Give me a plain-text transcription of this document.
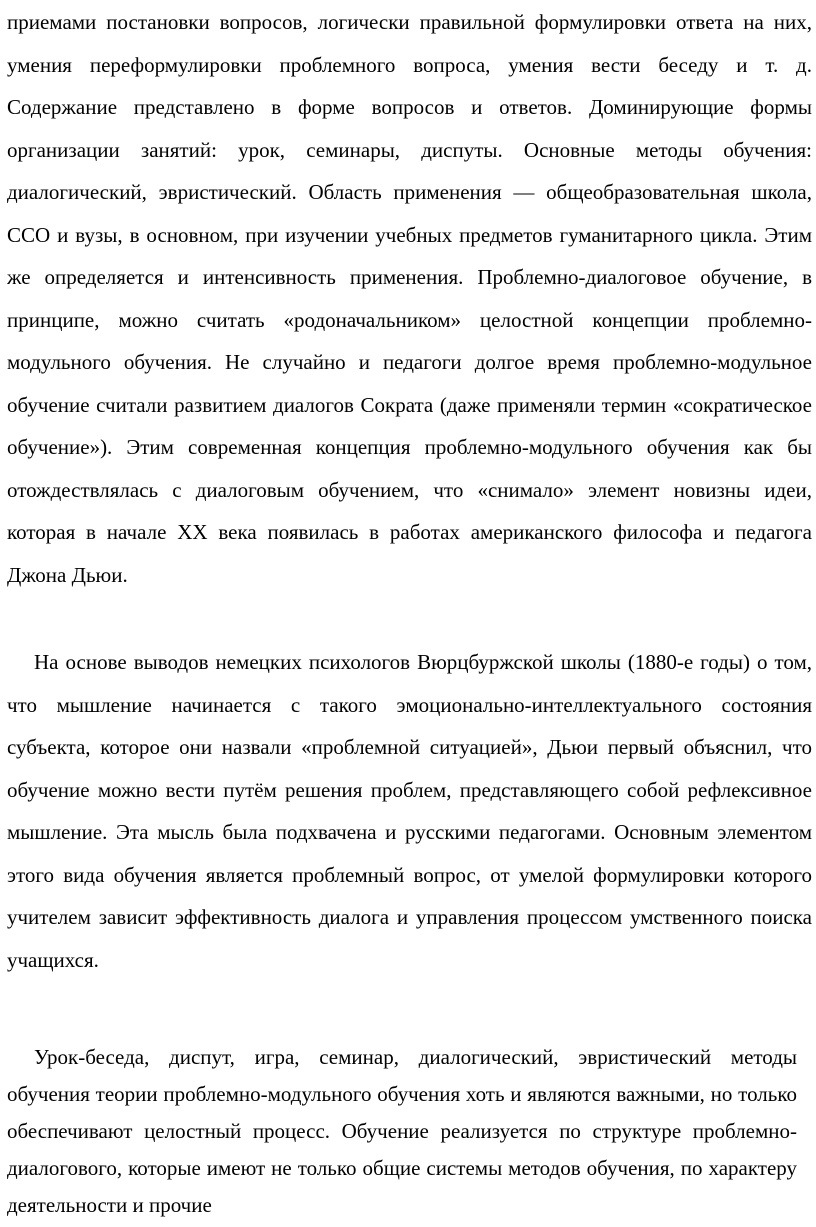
приемами постановки вопросов, логически правильной формулировки ответа на них, умения переформулировки проблемного вопроса, умения вести беседу и т. д. Содержание представлено в форме вопросов и ответов. Доминирующие формы организации занятий: урок, семинары, диспуты. Основные методы обучения: диалогический, эвристический. Область применения — общеобразовательная школа, ССО и вузы, в основном, при изучении учебных предметов гуманитарного цикла. Этим же определяется и интенсивность применения. Проблемно-диалоговое обучение, в принципе, можно считать «родоначальником» целостной концепции проблемно-модульного обучения. Не случайно и педагоги долгое время проблемно-модульное обучение считали развитием диалогов Сократа (даже применяли термин «сократическое обучение»). Этим современная концепция проблемно-модульного обучения как бы отождествлялась с диалоговым обучением, что «снимало» элемент новизны идеи, которая в начале XX века появилась в работах американского философа и педагога Джона Дьюи.

На основе выводов немецких психологов Вюрцбуржской школы (1880-е годы) о том, что мышление начинается с такого эмоционально-интеллектуального состояния субъекта, которое они назвали «проблемной ситуацией», Дьюи первый объяснил, что обучение можно вести путём решения проблем, представляющего собой рефлексивное мышление. Эта мысль была подхвачена и русскими педагогами. Основным элементом этого вида обучения является проблемный вопрос, от умелой формулировки которого учителем зависит эффективность диалога и управления процессом умственного поиска учащихся.

Урок-беседа, диспут, игра, семинар, диалогический, эвристический методы обучения теории проблемно-модульного обучения хоть и являются важными, но только обеспечивают целостный процесс. Обучение реализуется по структуре проблемно-диалогового, которые имеют не только общие системы методов обучения, по характеру деятельности и прочие
